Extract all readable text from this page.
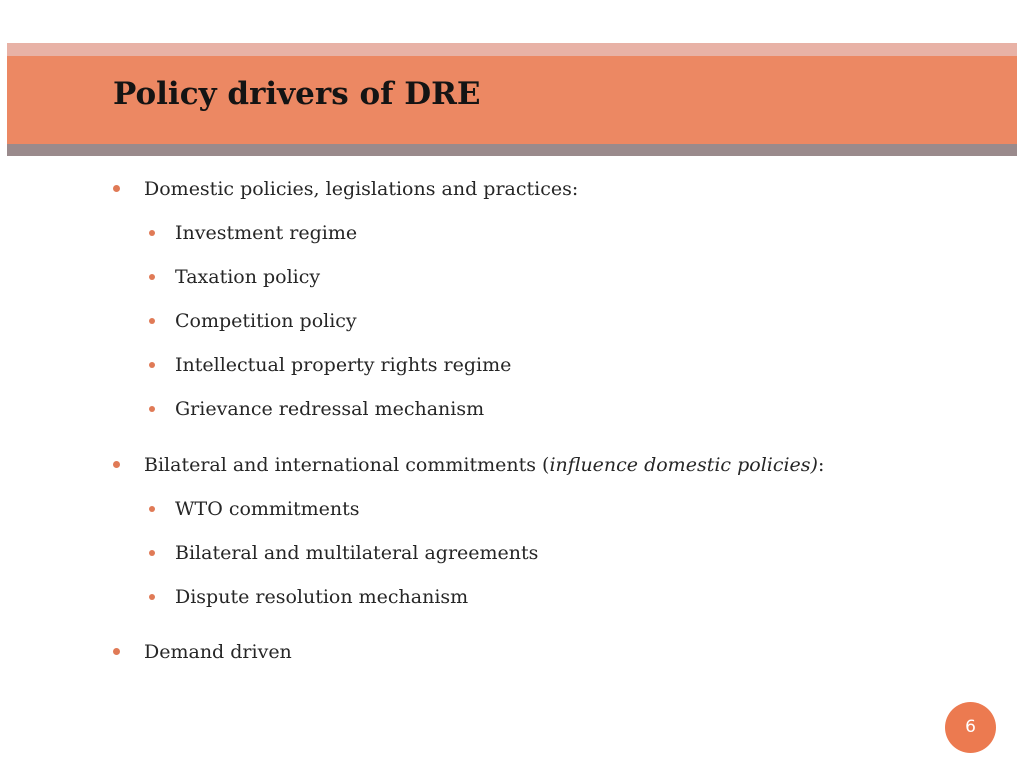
Policy drivers of DRE
Domestic policies, legislations and practices:
Investment regime
Taxation policy
Competition policy
Intellectual property rights regime
Grievance redressal mechanism
Bilateral and international commitments (influence domestic policies):
WTO commitments
Bilateral and multilateral agreements
Dispute resolution mechanism
Demand driven
6
